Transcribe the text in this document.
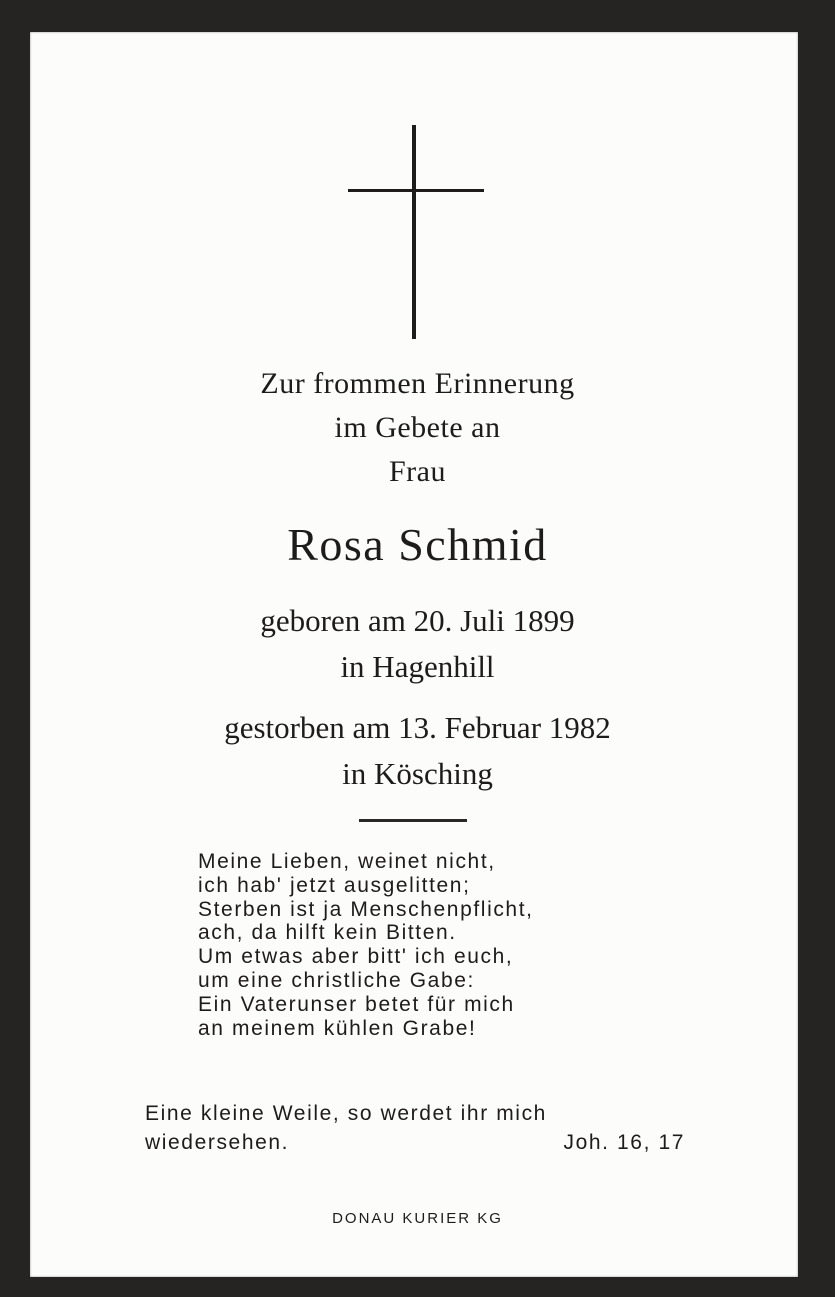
Zur frommen Erinnerung
im Gebete an
Frau
Rosa Schmid
geboren am 20. Juli 1899
in Hagenhill
gestorben am 13. Februar 1982
in Kösching
Meine Lieben, weinet nicht,
ich hab' jetzt ausgelitten;
Sterben ist ja Menschenpflicht,
ach, da hilft kein Bitten.
Um etwas aber bitt' ich euch,
um eine christliche Gabe:
Ein Vaterunser betet für mich
an meinem kühlen Grabe!
Eine kleine Weile, so werdet ihr mich
wiedersehen.	Joh. 16, 17
DONAU KURIER KG
